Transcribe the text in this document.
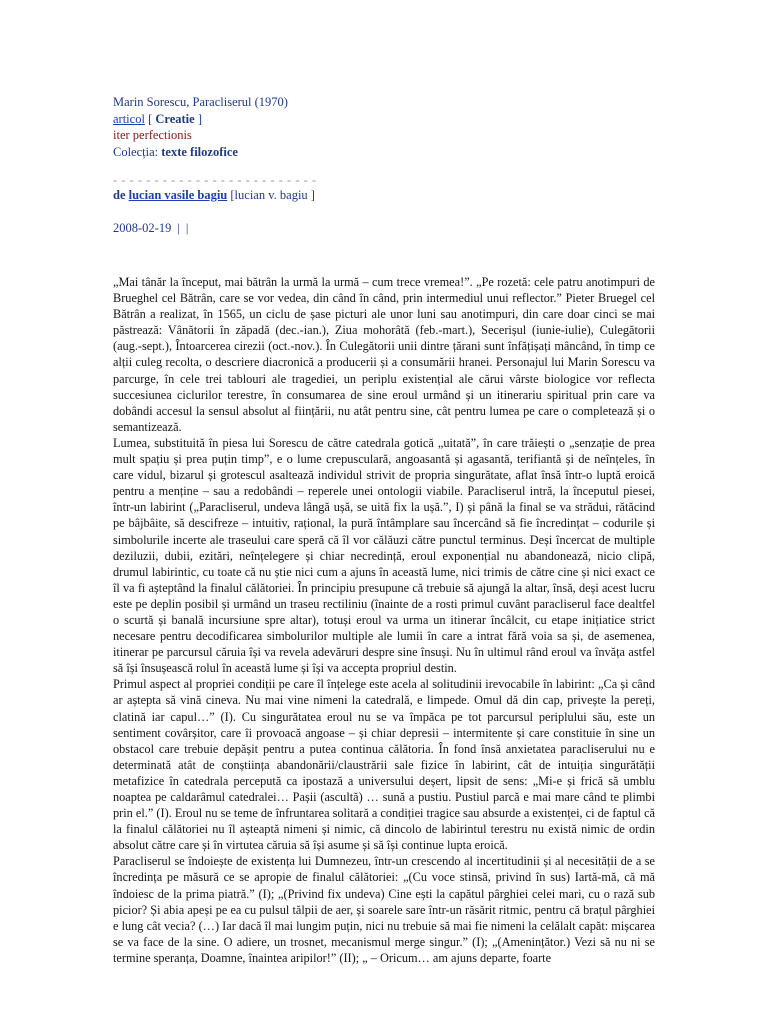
Marin Sorescu, Paracliserul (1970)
articol [ Creatie ]
iter perfectionis
Colecția: texte filozofice
- - - - - - - - - - - - - - - - - - - - - - - - -
de lucian vasile bagiu [lucian v. bagiu ]
2008-02-19 | |

„Mai tânăr la început, mai bătrân la urmă la urmă – cum trece vremea!”. „Pe rozetă: cele patru anotimpuri de Brueghel cel Bătrân, care se vor vedea, din când în când, prin intermediul unui reflector.” Pieter Bruegel cel Bătrân a realizat, în 1565, un ciclu de șase picturi ale unor luni sau anotimpuri, din care doar cinci se mai păstrează: Vânătorii în zăpadă (dec.-ian.), Ziua mohorâtă (feb.-mart.), Secerișul (iunie-iulie), Culegătorii (aug.-sept.), Întoarcerea cirezii (oct.-nov.). În Culegătorii unii dintre țărani sunt înfățișați mâncând, în timp ce alții culeg recolta, o descriere diacronică a producerii și a consumării hranei. Personajul lui Marin Sorescu va parcurge, în cele trei tablouri ale tragediei, un periplu existențial ale cărui vârste biologice vor reflecta succesiunea ciclurilor terestre, în consumarea de sine eroul urmând și un itinerariu spiritual prin care va dobândi accesul la sensul absolut al ființării, nu atât pentru sine, cât pentru lumea pe care o completează și o semantizează.

Lumea, substituită în piesa lui Sorescu de către catedrala gotică „uitată”, în care trăiești o „senzație de prea mult spațiu și prea puțin timp”, e o lume crepusculară, angoasantă și agasantă, terifiantă și de neînțeles, în care vidul, bizarul și grotescul asaltează individul strivit de propria singurătate, aflat însă într-o luptă eroică pentru a menține – sau a redobândi – reperele unei ontologii viabile. Paracliserul intră, la începutul piesei, într-un labirint („Paracliserul, undeva lângă ușă, se uită fix la ușă.”, I) și până la final se va strădui, rătăcind pe bâjbâite, să descifreze – intuitiv, rațional, la pură întâmplare sau încercând să fie încredințat – codurile și simbolurile incerte ale traseului care speră că îl vor călăuzi către punctul terminus. Deși încercat de multiple deziluzii, dubii, ezitări, neînțelegere și chiar necredință, eroul exponențial nu abandonează, nicio clipă, drumul labirintic, cu toate că nu știe nici cum a ajuns în această lume, nici trimis de către cine și nici exact ce îl va fi așteptând la finalul călătoriei. În principiu presupune că trebuie să ajungă la altar, însă, deși acest lucru este pe deplin posibil și urmând un traseu rectiliniu (înainte de a rosti primul cuvânt paracliserul face dealtfel o scurtă și banală incursiune spre altar), totuși eroul va urma un itinerar încâlcit, cu etape inițiatice strict necesare pentru decodificarea simbolurilor multiple ale lumii în care a intrat fără voia sa și, de asemenea, itinerar pe parcursul căruia își va revela adevăruri despre sine însuși. Nu în ultimul rând eroul va învăța astfel să își însușească rolul în această lume și își va accepta propriul destin.

Primul aspect al propriei condiții pe care îl înțelege este acela al solitudinii irevocabile în labirint: „Ca și când ar aștepta să vină cineva. Nu mai vine nimeni la catedrală, e limpede. Omul dă din cap, privește la pereți, clatină iar capul…” (I). Cu singurătatea eroul nu se va împăca pe tot parcursul periplului său, este un sentiment covârșitor, care îi provoacă angoase – și chiar depresii – intermitente și care constituie în sine un obstacol care trebuie depășit pentru a putea continua călătoria. În fond însă anxietatea paracliserului nu e determinată atât de conștiința abandonării/claustrării sale fizice în labirint, cât de intuiția singurătății metafizice în catedrala percepută ca ipostază a universului deșert, lipsit de sens: „Mi-e și frică să umblu noaptea pe caldarâmul catedralei… Pașii (ascultă) … sună a pustiu. Pustiul parcă e mai mare când te plimbi prin el.” (I). Eroul nu se teme de înfruntarea solitară a condiției tragice sau absurde a existenței, ci de faptul că la finalul călătoriei nu îl așteaptă nimeni și nimic, că dincolo de labirintul terestru nu există nimic de ordin absolut către care și în virtutea căruia să își asume și să își continue lupta eroică.

Paracliserul se îndoiește de existența lui Dumnezeu, într-un crescendo al incertitudinii și al necesității de a se încredința pe măsură ce se apropie de finalul călătoriei: „(Cu voce stinsă, privind în sus) Iartă-mă, că mă îndoiesc de la prima piatră.” (I); „(Privind fix undeva) Cine ești la capătul pârghiei celei mari, cu o rază sub picior? Și abia apeși pe ea cu pulsul tălpii de aer, și soarele sare într-un răsărit ritmic, pentru că brațul pârghiei e lung cât vecia? (…) Iar dacă îl mai lungim puțin, nici nu trebuie să mai fie nimeni la celălalt capăt: mișcarea se va face de la sine. O adiere, un trosnet, mecanismul merge singur.” (I); „(Amenințător.) Vezi să nu ni se termine speranța, Doamne, înaintea aripilor!” (II); „ – Oricum… am ajuns departe, foarte
